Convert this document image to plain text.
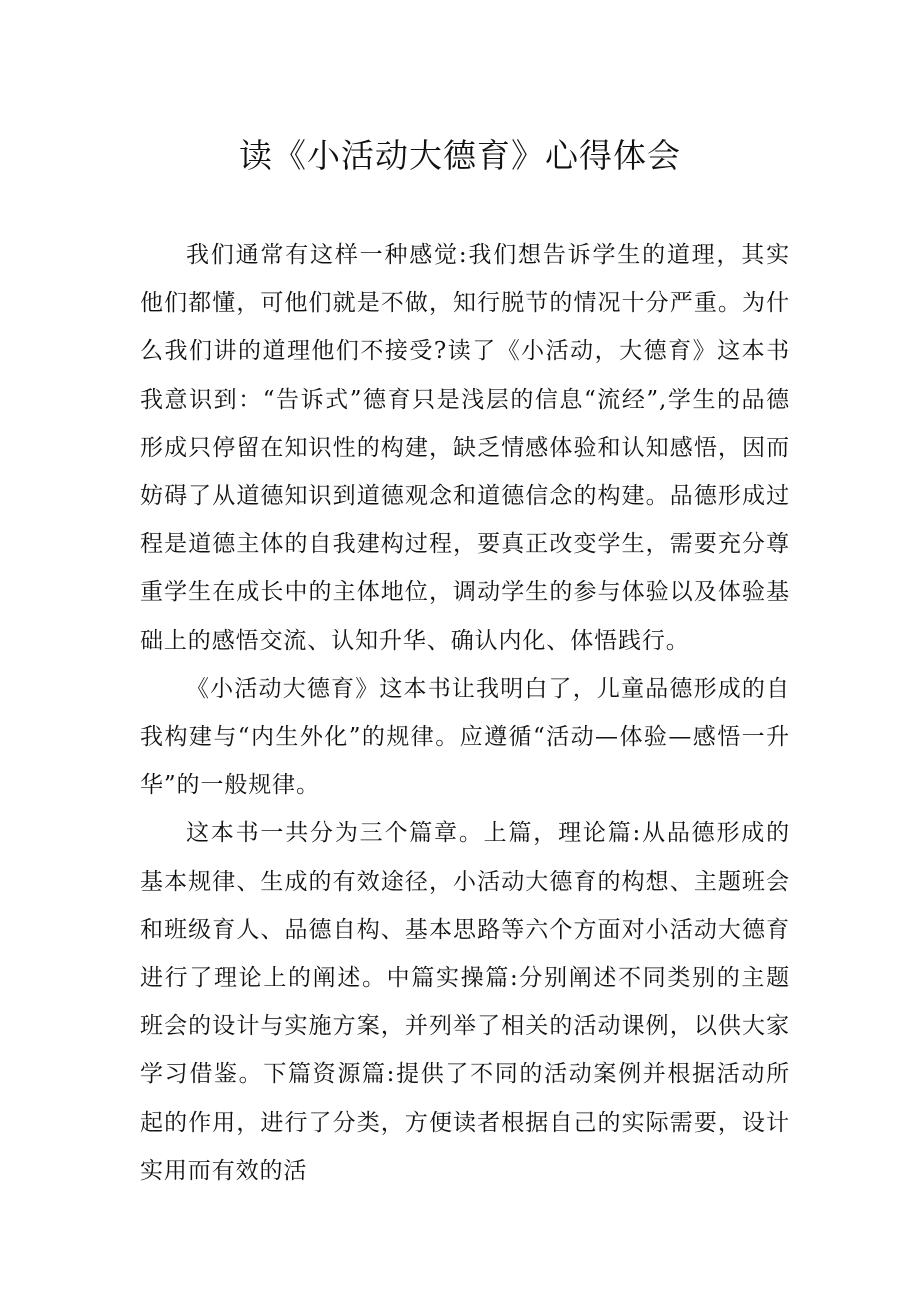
读《小活动大德育》心得体会

我们通常有这样一种感觉:我们想告诉学生的道理，其实他们都懂，可他们就是不做，知行脱节的情况十分严重。为什么我们讲的道理他们不接受?读了《小活动，大德育》这本书我意识到：“告诉式”德育只是浅层的信息“流经”,学生的品德形成只停留在知识性的构建，缺乏情感体验和认知感悟，因而妨碍了从道德知识到道德观念和道德信念的构建。品德形成过程是道德主体的自我建构过程，要真正改变学生，需要充分尊重学生在成长中的主体地位，调动学生的参与体验以及体验基础上的感悟交流、认知升华、确认内化、体悟践行。

《小活动大德育》这本书让我明白了，儿童品德形成的自我构建与“内生外化”的规律。应遵循“活动—体验—感悟一升华”的一般规律。

这本书一共分为三个篇章。上篇，理论篇:从品德形成的基本规律、生成的有效途径，小活动大德育的构想、主题班会和班级育人、品德自构、基本思路等六个方面对小活动大德育进行了理论上的阐述。中篇实操篇:分别阐述不同类别的主题班会的设计与实施方案，并列举了相关的活动课例，以供大家学习借鉴。下篇资源篇:提供了不同的活动案例并根据活动所起的作用，进行了分类，方便读者根据自己的实际需要，设计实用而有效的活
